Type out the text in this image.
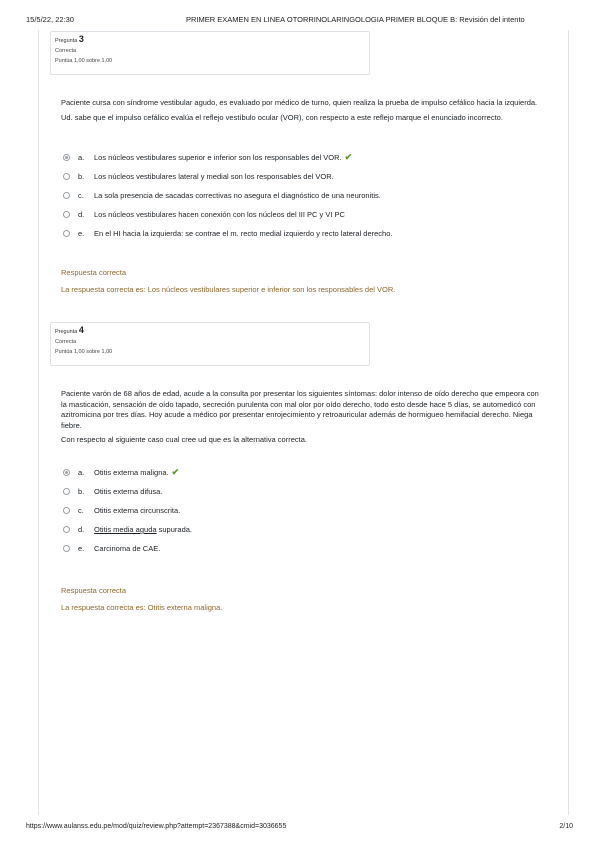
15/5/22, 22:30	PRIMER EXAMEN EN LINEA OTORRINOLARINGOLOGIA PRIMER BLOQUE B: Revisión del intento
Pregunta 3
Correcta
Puntúa 1,00 sobre 1,00

Paciente cursa con síndrome vestibular agudo, es evaluado por médico de turno, quien realiza la prueba de impulso cefálico hacia la izquierda.

Ud. sabe que el impulso cefálico evalúa el reflejo vestíbulo ocular (VOR), con respecto a este reflejo marque el enunciado incorrecto.

a.	Los núcleos vestibulares superior e inferior son los responsables del VOR. ✔
b.	Los núcleos vestibulares lateral y medial son los responsables del VOR.
c.	La sola presencia de sacadas correctivas no asegura el diagnóstico de una neuronitis.
d.	Los núcleos vestibulares hacen conexión con los núcleos del III PC y VI PC
e.	En el HI hacia la izquierda: se contrae el m. recto medial izquierdo y recto lateral derecho.
Respuesta correcta
La respuesta correcta es: Los núcleos vestibulares superior e inferior son los responsables del VOR.
Pregunta 4
Correcta
Puntúa 1,00 sobre 1,00

Paciente varón de 68 años de edad, acude a la consulta por presentar los siguientes síntomas: dolor intenso de oído derecho que empeora con la masticación, sensación de oído tapado, secreción purulenta con mal olor por oído derecho, todo esto desde hace 5 días, se automedicó con azitromicina por tres días. Hoy acude a médico por presentar enrojecimiento y retroauricular además de hormigueo hemifacial derecho. Niega fiebre.

Con respecto al siguiente caso cual cree ud que es la alternativa correcta.

a.	Otitis externa maligna. ✔
b.	Otitis externa difusa.
c.	Otitis externa circunscrita.
d.	Otitis media aguda supurada.
e.	Carcinoma de CAE.
Respuesta correcta
La respuesta correcta es: Otitis externa maligna.
https://www.aulanss.edu.pe/mod/quiz/review.php?attempt=2367388&cmid=3036655	2/10
